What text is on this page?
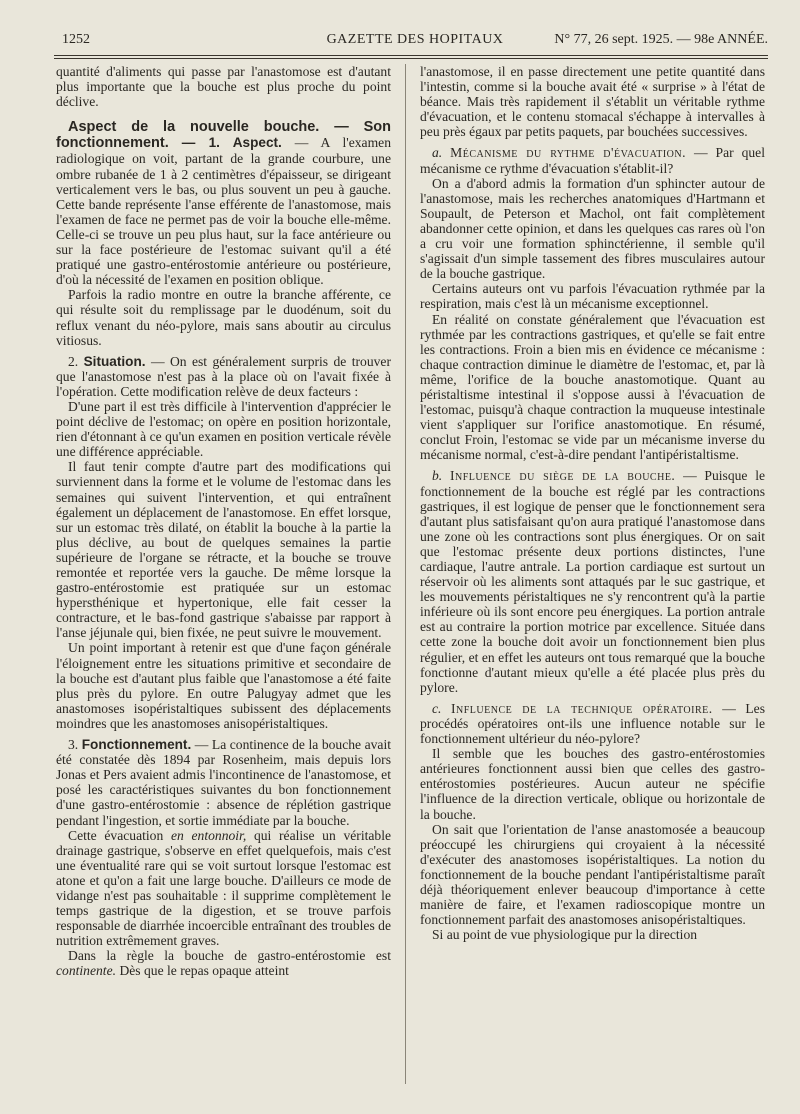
1252	GAZETTE DES HOPITAUX	N° 77, 26 sept. 1925. — 98e ANNÉE.

quantité d'aliments qui passe par l'anastomose est d'autant plus importante que la bouche est plus proche du point déclive.

Aspect de la nouvelle bouche. — Son fonctionnement. — 1. Aspect. — A l'examen radiologique on voit, partant de la grande courbure, une ombre rubanée de 1 à 2 centimètres d'épaisseur, se dirigeant verticalement vers le bas, ou plus souvent un peu à gauche. Cette bande représente l'anse efférente de l'anastomose, mais l'examen de face ne permet pas de voir la bouche elle-même. Celle-ci se trouve un peu plus haut, sur la face antérieure ou sur la face postérieure de l'estomac suivant qu'il a été pratiqué une gastro-entérostomie antérieure ou postérieure, d'où la nécessité de l'examen en position oblique.

Parfois la radio montre en outre la branche afférente, ce qui résulte soit du remplissage par le duodénum, soit du reflux venant du néo-pylore, mais sans aboutir au circulus vitiosus.

2. Situation. — On est généralement surpris de trouver que l'anastomose n'est pas à la place où on l'avait fixée à l'opération. Cette modification relève de deux facteurs :

D'une part il est très difficile à l'intervention d'apprécier le point déclive de l'estomac; on opère en position horizontale, rien d'étonnant à ce qu'un examen en position verticale révèle une différence appréciable.

Il faut tenir compte d'autre part des modifications qui surviennent dans la forme et le volume de l'estomac dans les semaines qui suivent l'intervention, et qui entraînent également un déplacement de l'anastomose. En effet lorsque, sur un estomac très dilaté, on établit la bouche à la partie la plus déclive, au bout de quelques semaines la partie supérieure de l'organe se rétracte, et la bouche se trouve remontée et reportée vers la gauche. De même lorsque la gastro-entérostomie est pratiquée sur un estomac hypersthénique et hypertonique, elle fait cesser la contracture, et le bas-fond gastrique s'abaisse par rapport à l'anse jéjunale qui, bien fixée, ne peut suivre le mouvement.

Un point important à retenir est que d'une façon générale l'éloignement entre les situations primitive et secondaire de la bouche est d'autant plus faible que l'anastomose a été faite plus près du pylore. En outre Palugyay admet que les anastomoses isopéristaltiques subissent des déplacements moindres que les anastomoses anisopéristaltiques.

3. Fonctionnement. — La continence de la bouche avait été constatée dès 1894 par Rosenheim, mais depuis lors Jonas et Pers avaient admis l'incontinence de l'anastomose, et posé les caractéristiques suivantes du bon fonctionnement d'une gastro-entérostomie : absence de réplétion gastrique pendant l'ingestion, et sortie immédiate par la bouche.

Cette évacuation en entonnoir, qui réalise un véritable drainage gastrique, s'observe en effet quelquefois, mais c'est une éventualité rare qui se voit surtout lorsque l'estomac est atone et qu'on a fait une large bouche. D'ailleurs ce mode de vidange n'est pas souhaitable : il supprime complètement le temps gastrique de la digestion, et se trouve parfois responsable de diarrhée incoercible entraînant des troubles de nutrition extrêmement graves.

Dans la règle la bouche de gastro-entérostomie est continente. Dès que le repas opaque atteint

l'anastomose, il en passe directement une petite quantité dans l'intestin, comme si la bouche avait été « surprise » à l'état de béance. Mais très rapidement il s'établit un véritable rythme d'évacuation, et le contenu stomacal s'échappe à intervalles à peu près égaux par petits paquets, par bouchées successives.

a. Mécanisme du rythme d'évacuation. — Par quel mécanisme ce rythme d'évacuation s'établit-il?

On a d'abord admis la formation d'un sphincter autour de l'anastomose, mais les recherches anatomiques d'Hartmann et Soupault, de Peterson et Machol, ont fait complètement abandonner cette opinion, et dans les quelques cas rares où l'on a cru voir une formation sphinctérienne, il semble qu'il s'agissait d'un simple tassement des fibres musculaires autour de la bouche gastrique.

Certains auteurs ont vu parfois l'évacuation rythmée par la respiration, mais c'est là un mécanisme exceptionnel.

En réalité on constate généralement que l'évacuation est rythmée par les contractions gastriques, et qu'elle se fait entre les contractions. Froin a bien mis en évidence ce mécanisme : chaque contraction diminue le diamètre de l'estomac, et, par là même, l'orifice de la bouche anastomotique. Quant au péristaltisme intestinal il s'oppose aussi à l'évacuation de l'estomac, puisqu'à chaque contraction la muqueuse intestinale vient s'appliquer sur l'orifice anastomotique. En résumé, conclut Froin, l'estomac se vide par un mécanisme inverse du mécanisme normal, c'est-à-dire pendant l'antipéristaltisme.

b. Influence du siège de la bouche. — Puisque le fonctionnement de la bouche est réglé par les contractions gastriques, il est logique de penser que le fonctionnement sera d'autant plus satisfaisant qu'on aura pratiqué l'anastomose dans une zone où les contractions sont plus énergiques. Or on sait que l'estomac présente deux portions distinctes, l'une cardiaque, l'autre antrale. La portion cardiaque est surtout un réservoir où les aliments sont attaqués par le suc gastrique, et les mouvements péristaltiques ne s'y rencontrent qu'à la partie inférieure où ils sont encore peu énergiques. La portion antrale est au contraire la portion motrice par excellence. Située dans cette zone la bouche doit avoir un fonctionnement bien plus régulier, et en effet les auteurs ont tous remarqué que la bouche fonctionne d'autant mieux qu'elle a été placée plus près du pylore.

c. Influence de la technique opératoire. — Les procédés opératoires ont-ils une influence notable sur le fonctionnement ultérieur du néo-pylore?

Il semble que les bouches des gastro-entérostomies antérieures fonctionnent aussi bien que celles des gastro-entérostomies postérieures. Aucun auteur ne spécifie l'influence de la direction verticale, oblique ou horizontale de la bouche.

On sait que l'orientation de l'anse anastomosée a beaucoup préoccupé les chirurgiens qui croyaient à la nécessité d'exécuter des anastomoses isopéristaltiques. La notion du fonctionnement de la bouche pendant l'antipéristaltisme paraît déjà théoriquement enlever beaucoup d'importance à cette manière de faire, et l'examen radioscopique montre un fonctionnement parfait des anastomoses anisopéristaltiques.

Si au point de vue physiologique pur la direction
